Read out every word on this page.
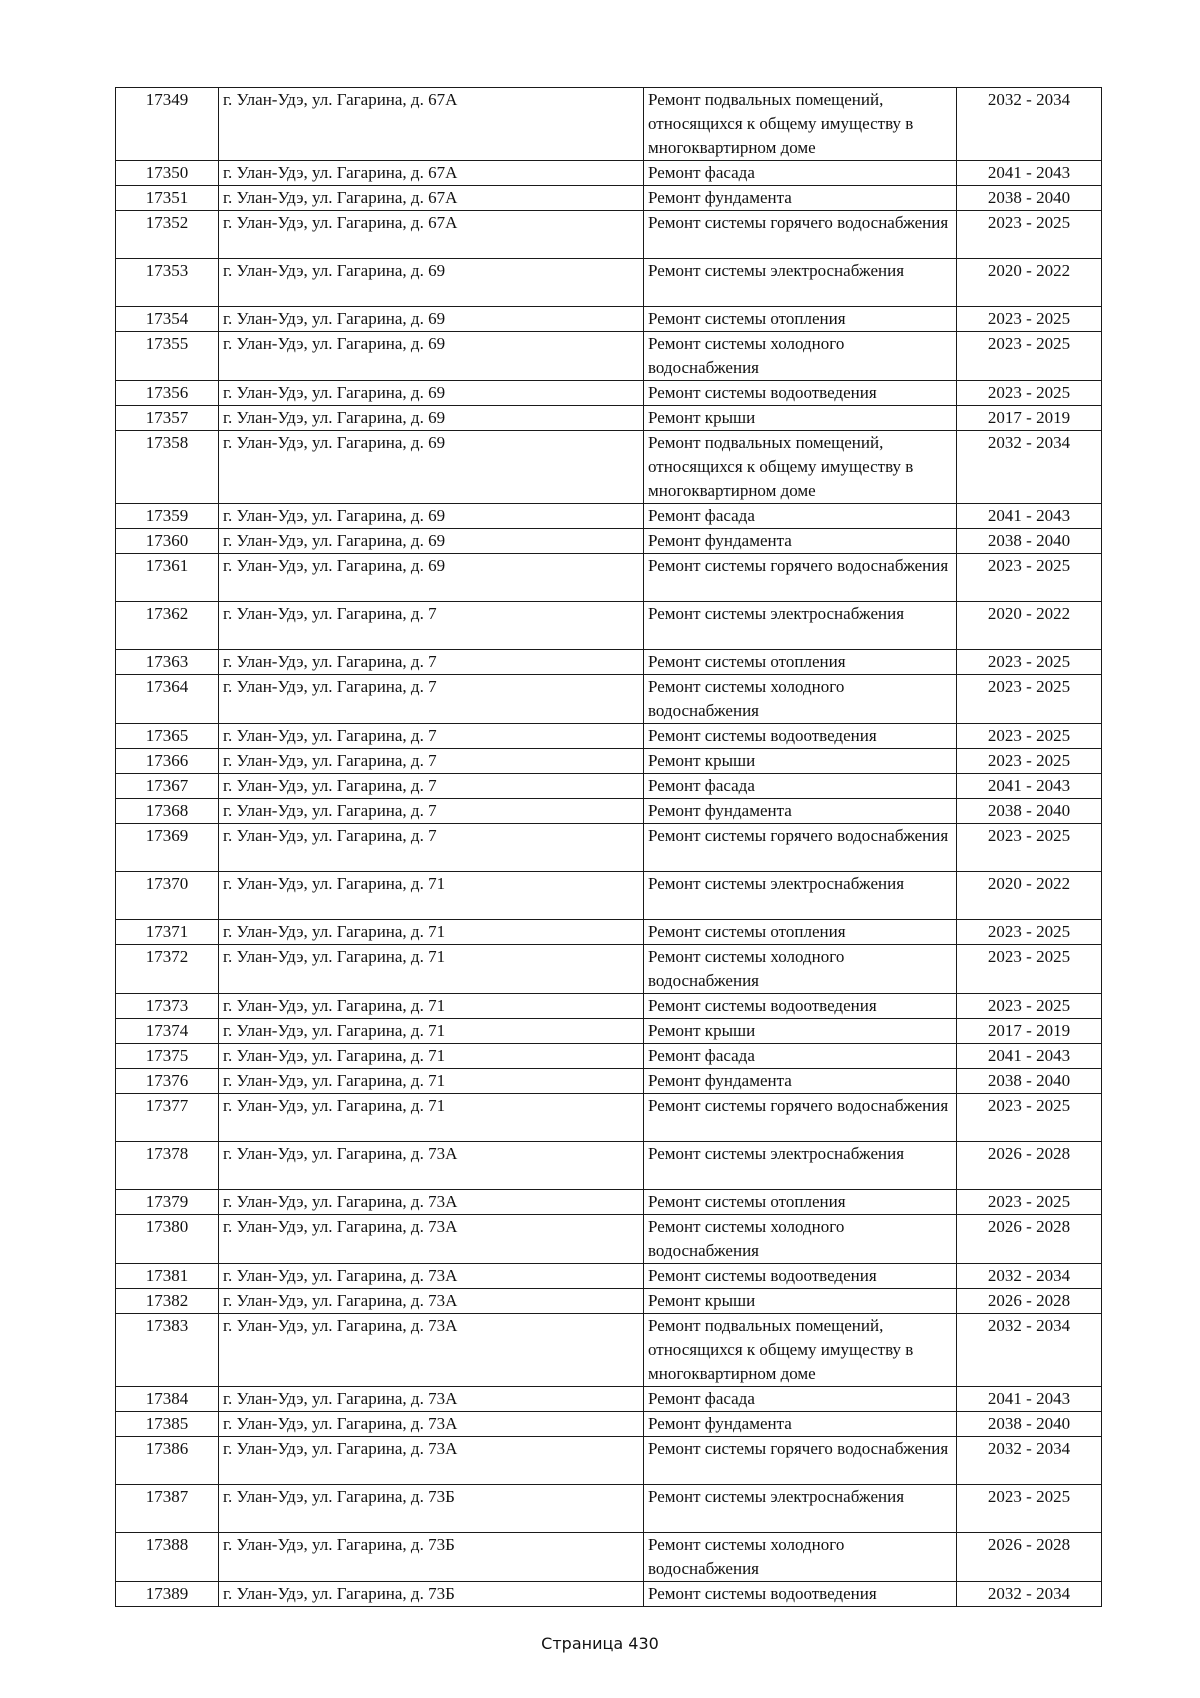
17349	г. Улан-Удэ, ул. Гагарина, д. 67А	Ремонт подвальных помещений, относящихся к общему имуществу в многоквартирном доме	2032 - 2034
17350	г. Улан-Удэ, ул. Гагарина, д. 67А	Ремонт фасада	2041 - 2043
17351	г. Улан-Удэ, ул. Гагарина, д. 67А	Ремонт фундамента	2038 - 2040
17352	г. Улан-Удэ, ул. Гагарина, д. 67А	Ремонт системы горячего водоснабжения	2023 - 2025
17353	г. Улан-Удэ, ул. Гагарина, д. 69	Ремонт системы электроснабжения	2020 - 2022
17354	г. Улан-Удэ, ул. Гагарина, д. 69	Ремонт системы отопления	2023 - 2025
17355	г. Улан-Удэ, ул. Гагарина, д. 69	Ремонт системы холодного водоснабжения	2023 - 2025
17356	г. Улан-Удэ, ул. Гагарина, д. 69	Ремонт системы водоотведения	2023 - 2025
17357	г. Улан-Удэ, ул. Гагарина, д. 69	Ремонт крыши	2017 - 2019
17358	г. Улан-Удэ, ул. Гагарина, д. 69	Ремонт подвальных помещений, относящихся к общему имуществу в многоквартирном доме	2032 - 2034
17359	г. Улан-Удэ, ул. Гагарина, д. 69	Ремонт фасада	2041 - 2043
17360	г. Улан-Удэ, ул. Гагарина, д. 69	Ремонт фундамента	2038 - 2040
17361	г. Улан-Удэ, ул. Гагарина, д. 69	Ремонт системы горячего водоснабжения	2023 - 2025
17362	г. Улан-Удэ, ул. Гагарина, д. 7	Ремонт системы электроснабжения	2020 - 2022
17363	г. Улан-Удэ, ул. Гагарина, д. 7	Ремонт системы отопления	2023 - 2025
17364	г. Улан-Удэ, ул. Гагарина, д. 7	Ремонт системы холодного водоснабжения	2023 - 2025
17365	г. Улан-Удэ, ул. Гагарина, д. 7	Ремонт системы водоотведения	2023 - 2025
17366	г. Улан-Удэ, ул. Гагарина, д. 7	Ремонт крыши	2023 - 2025
17367	г. Улан-Удэ, ул. Гагарина, д. 7	Ремонт фасада	2041 - 2043
17368	г. Улан-Удэ, ул. Гагарина, д. 7	Ремонт фундамента	2038 - 2040
17369	г. Улан-Удэ, ул. Гагарина, д. 7	Ремонт системы горячего водоснабжения	2023 - 2025
17370	г. Улан-Удэ, ул. Гагарина, д. 71	Ремонт системы электроснабжения	2020 - 2022
17371	г. Улан-Удэ, ул. Гагарина, д. 71	Ремонт системы отопления	2023 - 2025
17372	г. Улан-Удэ, ул. Гагарина, д. 71	Ремонт системы холодного водоснабжения	2023 - 2025
17373	г. Улан-Удэ, ул. Гагарина, д. 71	Ремонт системы водоотведения	2023 - 2025
17374	г. Улан-Удэ, ул. Гагарина, д. 71	Ремонт крыши	2017 - 2019
17375	г. Улан-Удэ, ул. Гагарина, д. 71	Ремонт фасада	2041 - 2043
17376	г. Улан-Удэ, ул. Гагарина, д. 71	Ремонт фундамента	2038 - 2040
17377	г. Улан-Удэ, ул. Гагарина, д. 71	Ремонт системы горячего водоснабжения	2023 - 2025
17378	г. Улан-Удэ, ул. Гагарина, д. 73А	Ремонт системы электроснабжения	2026 - 2028
17379	г. Улан-Удэ, ул. Гагарина, д. 73А	Ремонт системы отопления	2023 - 2025
17380	г. Улан-Удэ, ул. Гагарина, д. 73А	Ремонт системы холодного водоснабжения	2026 - 2028
17381	г. Улан-Удэ, ул. Гагарина, д. 73А	Ремонт системы водоотведения	2032 - 2034
17382	г. Улан-Удэ, ул. Гагарина, д. 73А	Ремонт крыши	2026 - 2028
17383	г. Улан-Удэ, ул. Гагарина, д. 73А	Ремонт подвальных помещений, относящихся к общему имуществу в многоквартирном доме	2032 - 2034
17384	г. Улан-Удэ, ул. Гагарина, д. 73А	Ремонт фасада	2041 - 2043
17385	г. Улан-Удэ, ул. Гагарина, д. 73А	Ремонт фундамента	2038 - 2040
17386	г. Улан-Удэ, ул. Гагарина, д. 73А	Ремонт системы горячего водоснабжения	2032 - 2034
17387	г. Улан-Удэ, ул. Гагарина, д. 73Б	Ремонт системы электроснабжения	2023 - 2025
17388	г. Улан-Удэ, ул. Гагарина, д. 73Б	Ремонт системы холодного водоснабжения	2026 - 2028
17389	г. Улан-Удэ, ул. Гагарина, д. 73Б	Ремонт системы водоотведения	2032 - 2034
Страница 430
